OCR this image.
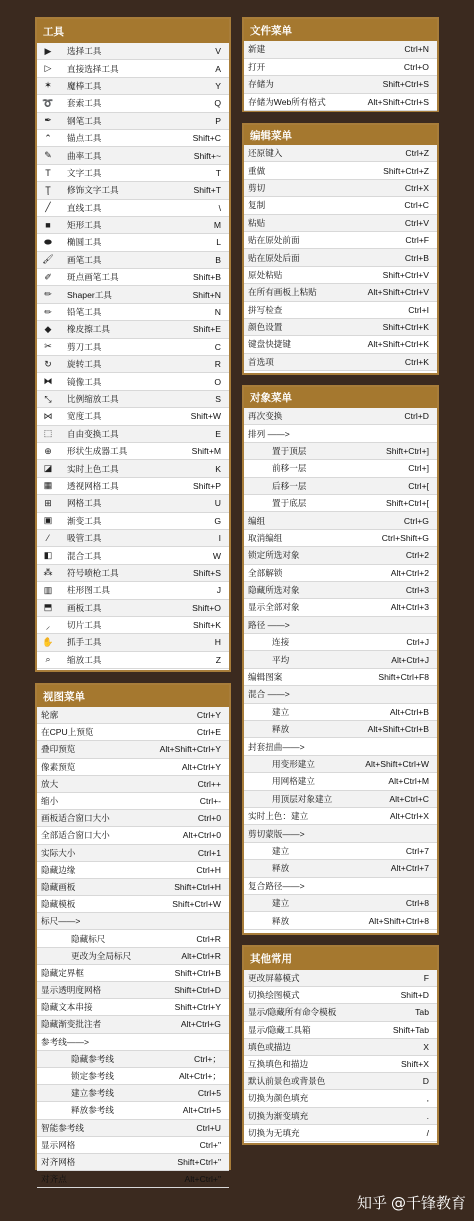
工具
▶	选择工具	V
▷	直接选择工具	A
✶	魔棒工具	Y
➰ 套索工具	Q
✒	钢笔工具	P
⌃	锚点工具	Shift+C
✎	曲率工具	Shift+~
T	文字工具	T
Ţ	修饰文字工具	Shift+T
╱	直线工具	\
■	矩形工具	M
⬬	椭圆工具	L
🖌 画笔工具	B
✐	斑点画笔工具	Shift+B
✏	Shaper工具	Shift+N
✏	铅笔工具	N
◆	橡皮擦工具	Shift+E
✂	剪刀工具	C
↻	旋转工具	R
⧓ 镜像工具	O
⤡	比例缩放工具	S
⋈ 宽度工具	Shift+W
⬚	自由变换工具	E
⊕	形状生成器工具	Shift+M
◪	实时上色工具	K
▦	透视网格工具	Shift+P
⊞	网格工具	U
▣	渐变工具	G
⁄	吸管工具	I
◧	混合工具	W
⁂ 符号喷枪工具	Shift+S
▥	柱形图工具	J
⬒	画板工具	Shift+O
⸝	切片工具	Shift+K
✋ 抓手工具	H
⌕	缩放工具	Z
文件菜单
新建	Ctrl+N
打开	Ctrl+O
存储为	Shift+Ctrl+S
存储为Web所有格式	Alt+Shift+Ctrl+S
编辑菜单
还原键入	Ctrl+Z
重做	Shift+Ctrl+Z
剪切	Ctrl+X
复制	Ctrl+C
粘贴	Ctrl+V
贴在原处前面	Ctrl+F
贴在原处后面	Ctrl+B
原处粘贴	Shift+Ctrl+V
在所有画板上粘贴	Alt+Shift+Ctrl+V
拼写检查	Ctrl+I
颜色设置	Shift+Ctrl+K
键盘快捷键	Alt+Shift+Ctrl+K
首选项	Ctrl+K
对象菜单
再次变换	Ctrl+D
排列 ——>
置于顶层	Shift+Ctrl+]
前移一层	Ctrl+]
后移一层	Ctrl+[
置于底层	Shift+Ctrl+[
编组	Ctrl+G
取消编组	Ctrl+Shift+G
锁定所选对象	Ctrl+2
全部解锁	Alt+Ctrl+2
隐藏所选对象	Ctrl+3
显示全部对象	Alt+Ctrl+3
路径 ——>
连接	Ctrl+J
平均	Alt+Ctrl+J
编辑图案	Shift+Ctrl+F8
混合 ——>
建立	Alt+Ctrl+B
释放	Alt+Shift+Ctrl+B
封套扭曲——>
用变形建立	Alt+Shift+Ctrl+W
用网格建立	Alt+Ctrl+M
用顶层对象建立	Alt+Ctrl+C
实时上色：建立	Alt+Ctrl+X
剪切蒙版——>
建立	Ctrl+7
释放	Alt+Ctrl+7
复合路径——>
建立	Ctrl+8
释放	Alt+Shift+Ctrl+8
视图菜单
轮廓	Ctrl+Y
在CPU上预览	Ctrl+E
叠印预览	Alt+Shift+Ctrl+Y
像素预览	Alt+Ctrl+Y
放大	Ctrl++
缩小	Ctrl+-
画板适合窗口大小	Ctrl+0
全部适合窗口大小	Alt+Ctrl+0
实际大小	Ctrl+1
隐藏边缘	Ctrl+H
隐藏画板	Shift+Ctrl+H
隐藏模板	Shift+Ctrl+W
标尺——>
隐藏标尺	Ctrl+R
更改为全局标尺	Alt+Ctrl+R
隐藏定界框	Shift+Ctrl+B
显示透明度网格	Shift+Ctrl+D
隐藏文本串接	Shift+Ctrl+Y
隐藏渐变批注者	Alt+Ctrl+G
参考线——>
隐藏参考线	Ctrl+；
锁定参考线	Alt+Ctrl+；
建立参考线	Ctrl+5
释放参考线	Alt+Ctrl+5
智能参考线	Ctrl+U
显示网格	Ctrl+"
对齐网格	Shift+Ctrl+"
对齐点	Alt+Ctrl+"
其他常用
更改屏幕模式	F
切换绘图模式	Shift+D
显示/隐藏所有命令模板	Tab
显示/隐藏工具箱	Shift+Tab
填色或描边	X
互换填色和描边	Shift+X
默认前景色或背景色	D
切换为颜色填充	,
切换为渐变填充	.
切换为无填充	/
知乎 @千锋教育
